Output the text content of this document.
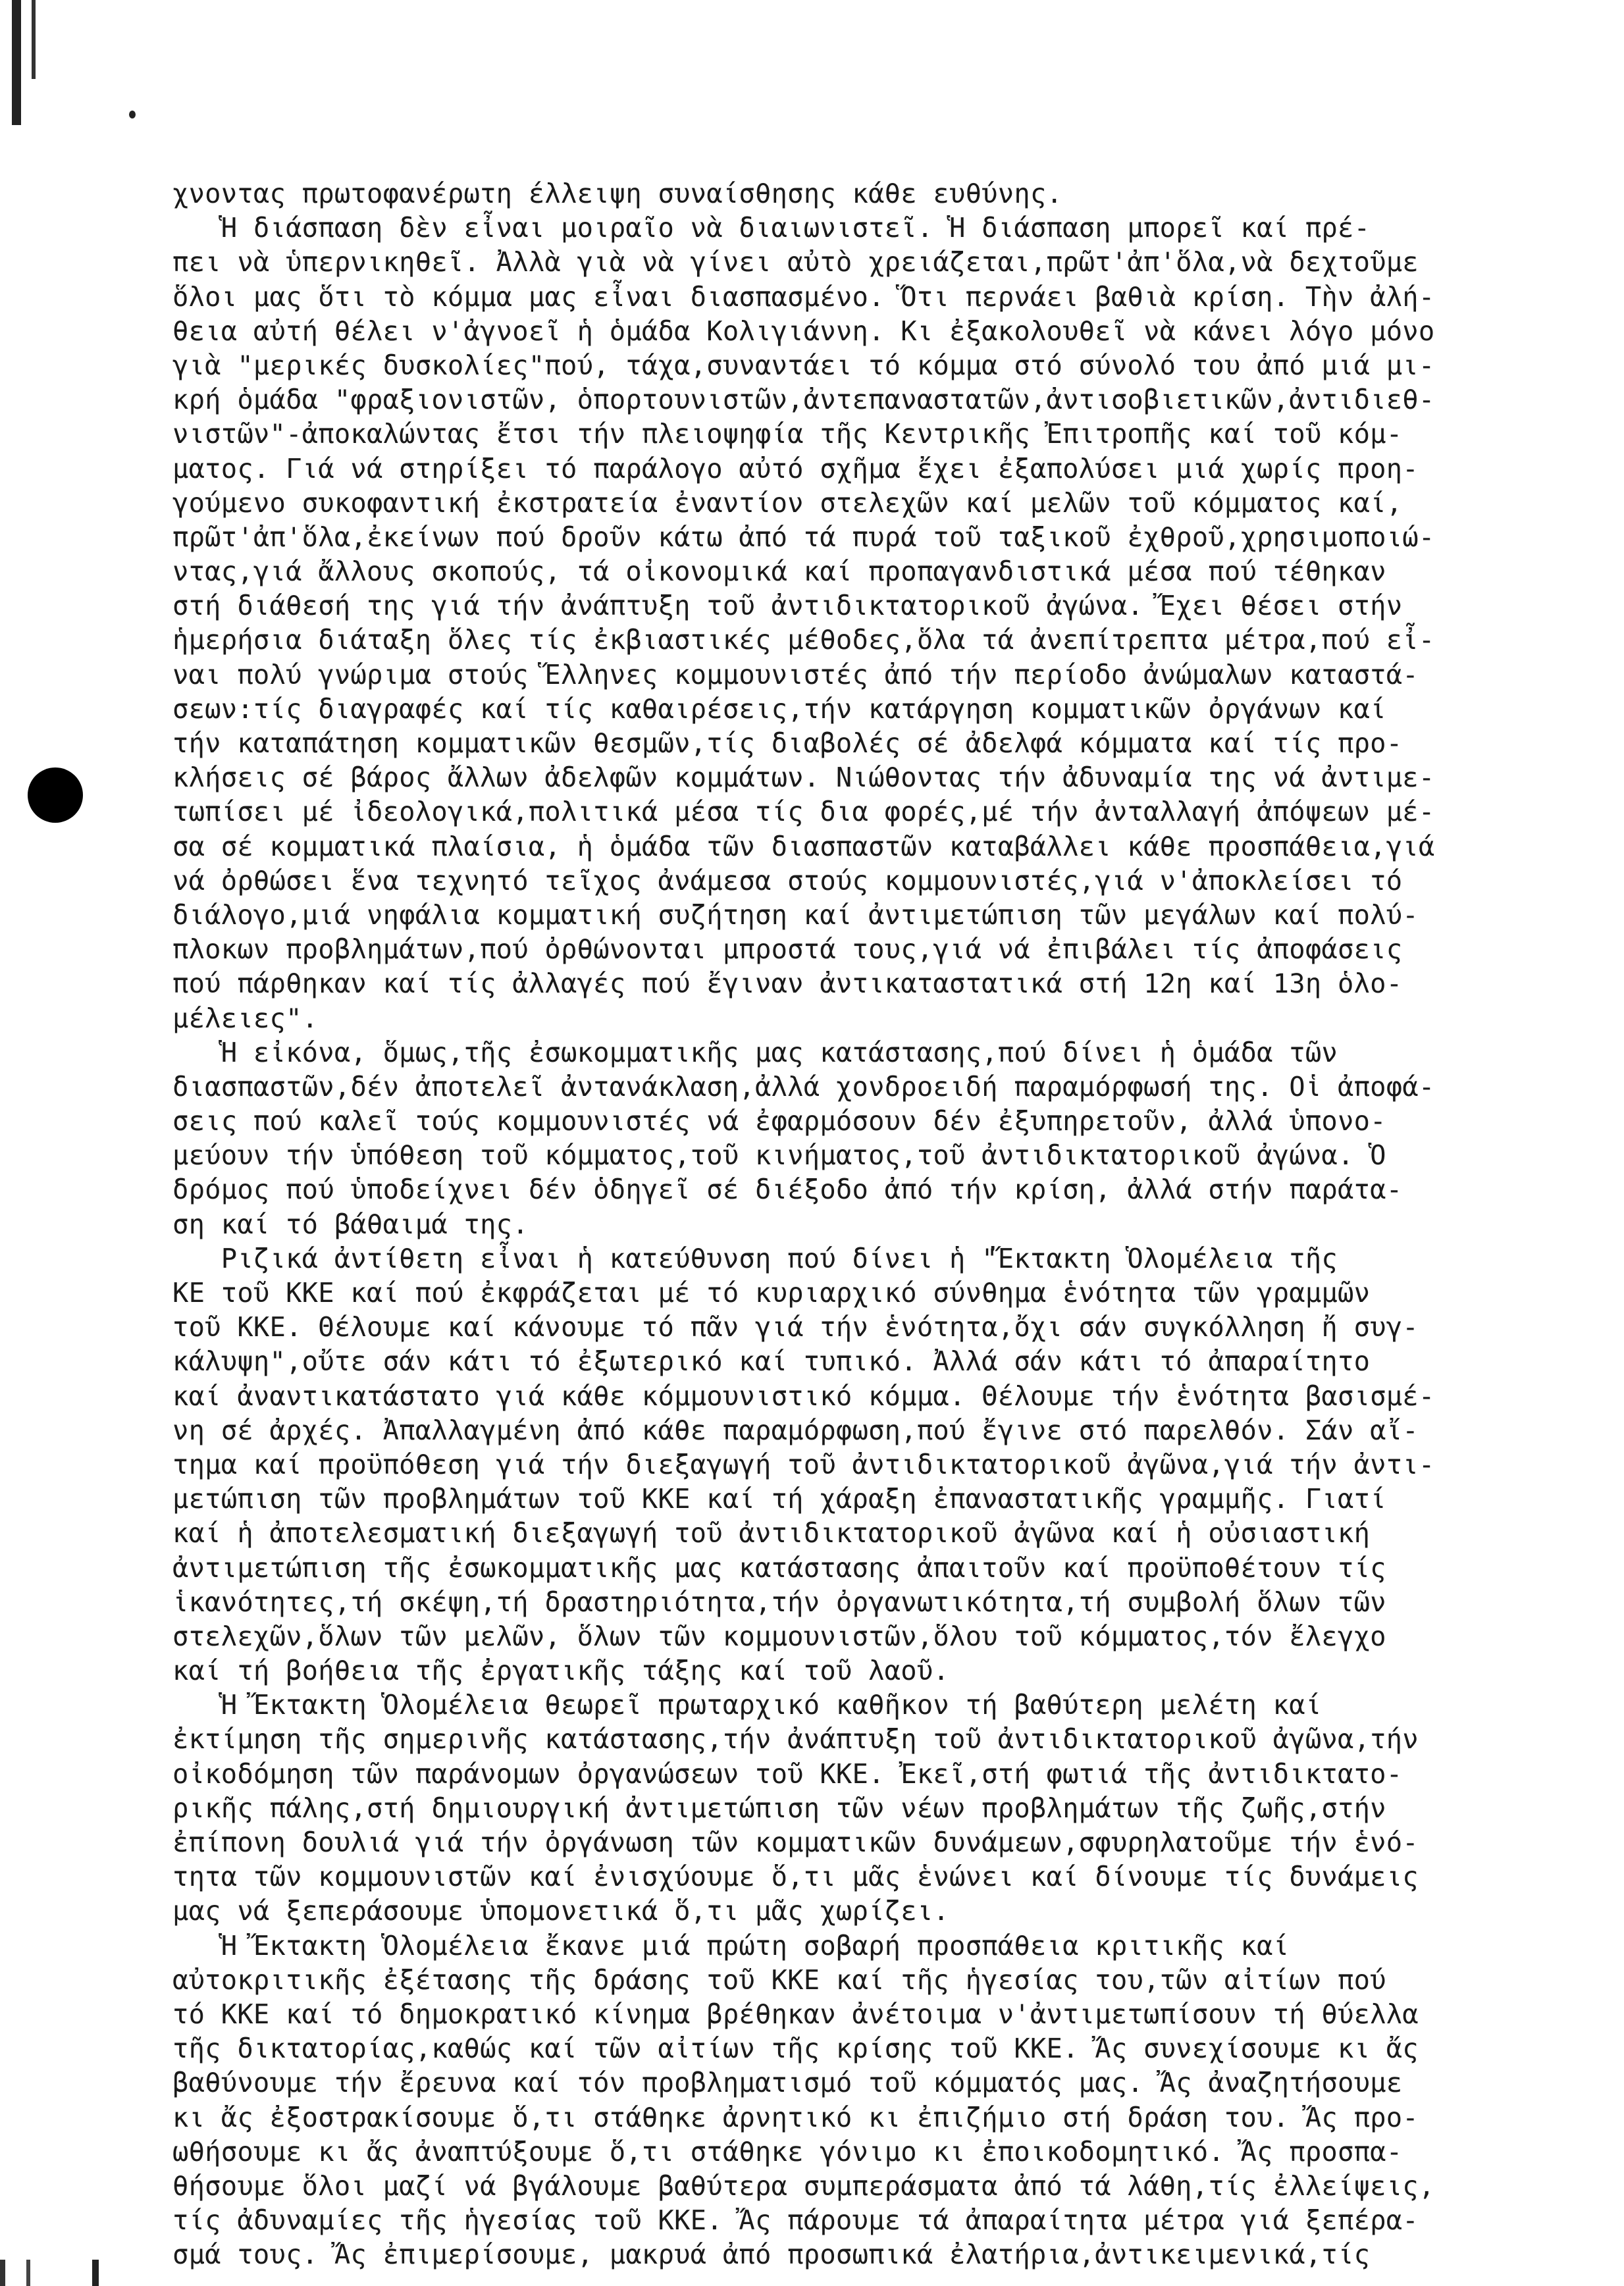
χνοντας πρωτοφανέρωτη έλλειψη συναίσθησης κάθε ευθύνης.
Ἡ διάσπαση δὲν εἶναι μοιραῖο νὰ διαιωνιστεῖ. Ἡ διάσπαση μπορεῖ καί πρέ-
πει νὰ ὑπερνικηθεῖ. Ἀλλὰ γιὰ νὰ γίνει αὐτὸ χρειάζεται,πρῶτ'ἀπ'ὅλα,νὰ δεχτοῦμε
ὅλοι μας ὅτι τὸ κόμμα μας εἶναι διασπασμένο. Ὅτι περνάει βαθιὰ κρίση. Τὴν ἀλή-
θεια αὐτή θέλει ν'ἀγνοεῖ ἡ ὁμάδα Κολιγιάννη. Κι ἐξακολουθεῖ νὰ κάνει λόγο μόνο
γιὰ "μερικές δυσκολίες"πού, τάχα,συναντάει τό κόμμα στό σύνολό του ἀπό μιά μι-
κρή ὁμάδα "φραξιονιστῶν, ὁπορτουνιστῶν,ἀντεπαναστατῶν,ἀντισοβιετικῶν,ἀντιδιεθ-
νιστῶν"-ἀποκαλώντας ἔτσι τήν πλειοψηφία τῆς Κεντρικῆς Ἐπιτροπῆς καί τοῦ κόμ-
ματος. Γιά νά στηρίξει τό παράλογο αὐτό σχῆμα ἔχει ἐξαπολύσει μιά χωρίς προη-
γούμενο συκοφαντική ἐκστρατεία ἐναντίον στελεχῶν καί μελῶν τοῦ κόμματος καί,
πρῶτ'ἀπ'ὅλα,ἐκείνων πού δροῦν κάτω ἀπό τά πυρά τοῦ ταξικοῦ ἐχθροῦ,χρησιμοποιώ-
ντας,γιά ἄλλους σκοπούς, τά οἰκονομικά καί προπαγανδιστικά μέσα πού τέθηκαν
στή διάθεσή της γιά τήν ἀνάπτυξη τοῦ ἀντιδικτατορικοῦ ἀγώνα. Ἔχει θέσει στήν
ἡμερήσια διάταξη ὅλες τίς ἐκβιαστικές μέθοδες,ὅλα τά ἀνεπίτρεπτα μέτρα,πού εἶ-
ναι πολύ γνώριμα στούς Ἕλληνες κομμουνιστές ἀπό τήν περίοδο ἀνώμαλων καταστά-
σεων:τίς διαγραφές καί τίς καθαιρέσεις,τήν κατάργηση κομματικῶν ὀργάνων καί
τήν καταπάτηση κομματικῶν θεσμῶν,τίς διαβολές σέ ἀδελφά κόμματα καί τίς προ-
κλήσεις σέ βάρος ἄλλων ἀδελφῶν κομμάτων. Νιώθοντας τήν ἀδυναμία της νά ἀντιμε-
τωπίσει μέ ἰδεολογικά,πολιτικά μέσα τίς δια φορές,μέ τήν ἀνταλλαγή ἀπόψεων μέ-
σα σέ κομματικά πλαίσια, ἡ ὁμάδα τῶν διασπαστῶν καταβάλλει κάθε προσπάθεια,γιά
νά ὀρθώσει ἕνα τεχνητό τεῖχος ἀνάμεσα στούς κομμουνιστές,γιά ν'ἀποκλείσει τό
διάλογο,μιά νηφάλια κομματική συζήτηση καί ἀντιμετώπιση τῶν μεγάλων καί πολύ-
πλοκων προβλημάτων,πού ὀρθώνονται μπροστά τους,γιά νά ἐπιβάλει τίς ἀποφάσεις
πού πάρθηκαν καί τίς ἀλλαγές πού ἔγιναν ἀντικαταστατικά στή 12η καί 13η ὁλο-
μέλειες".
Ἡ εἰκόνα, ὅμως,τῆς ἐσωκομματικῆς μας κατάστασης,πού δίνει ἡ ὁμάδα τῶν
διασπαστῶν,δέν ἀποτελεῖ ἀντανάκλαση,ἀλλά χονδροειδή παραμόρφωσή της. Οἱ ἀποφά-
σεις πού καλεῖ τούς κομμουνιστές νά ἐφαρμόσουν δέν ἐξυπηρετοῦν, ἀλλά ὑπονο-
μεύουν τήν ὑπόθεση τοῦ κόμματος,τοῦ κινήματος,τοῦ ἀντιδικτατορικοῦ ἀγώνα. Ὁ
δρόμος πού ὑποδείχνει δέν ὁδηγεῖ σέ διέξοδο ἀπό τήν κρίση, ἀλλά στήν παράτα-
ση καί τό βάθαιμά της.
Ριζικά ἀντίθετη εἶναι ἡ κατεύθυνση πού δίνει ἡ "Ἔκτακτη Ὁλομέλεια τῆς
ΚΕ τοῦ ΚΚΕ καί πού ἐκφράζεται μέ τό κυριαρχικό σύνθημα ἑνότητα τῶν γραμμῶν
τοῦ ΚΚΕ. Θέλουμε καί κάνουμε τό πᾶν γιά τήν ἑνότητα,ὄχι σάν συγκόλληση ἤ συγ-
κάλυψη",οὔτε σάν κάτι τό ἐξωτερικό καί τυπικό. Ἀλλά σάν κάτι τό ἀπαραίτητο
καί ἀναντικατάστατο γιά κάθε κόμμουνιστικό κόμμα. Θέλουμε τήν ἑνότητα βασισμέ-
νη σέ ἀρχές. Ἀπαλλαγμένη ἀπό κάθε παραμόρφωση,πού ἔγινε στό παρελθόν. Σάν αἴ-
τημα καί προϋπόθεση γιά τήν διεξαγωγή τοῦ ἀντιδικτατορικοῦ ἀγῶνα,γιά τήν ἀντι-
μετώπιση τῶν προβλημάτων τοῦ ΚΚΕ καί τή χάραξη ἐπαναστατικῆς γραμμῆς. Γιατί
καί ἡ ἀποτελεσματική διεξαγωγή τοῦ ἀντιδικτατορικοῦ ἀγῶνα καί ἡ οὐσιαστική
ἀντιμετώπιση τῆς ἐσωκομματικῆς μας κατάστασης ἀπαιτοῦν καί προϋποθέτουν τίς
ἱκανότητες,τή σκέψη,τή δραστηριότητα,τήν ὀργανωτικότητα,τή συμβολή ὅλων τῶν
στελεχῶν,ὅλων τῶν μελῶν, ὅλων τῶν κομμουνιστῶν,ὅλου τοῦ κόμματος,τόν ἔλεγχο
καί τή βοήθεια τῆς ἐργατικῆς τάξης καί τοῦ λαοῦ.
Ἡ Ἔκτακτη Ὁλομέλεια θεωρεῖ πρωταρχικό καθῆκον τή βαθύτερη μελέτη καί
ἐκτίμηση τῆς σημερινῆς κατάστασης,τήν ἀνάπτυξη τοῦ ἀντιδικτατορικοῦ ἀγῶνα,τήν
οἰκοδόμηση τῶν παράνομων ὀργανώσεων τοῦ ΚΚΕ. Ἐκεῖ,στή φωτιά τῆς ἀντιδικτατο-
ρικῆς πάλης,στή δημιουργική ἀντιμετώπιση τῶν νέων προβλημάτων τῆς ζωῆς,στήν
ἐπίπονη δουλιά γιά τήν ὀργάνωση τῶν κομματικῶν δυνάμεων,σφυρηλατοῦμε τήν ἑνό-
τητα τῶν κομμουνιστῶν καί ἐνισχύουμε ὅ,τι μᾶς ἑνώνει καί δίνουμε τίς δυνάμεις
μας νά ξεπεράσουμε ὑπομονετικά ὅ,τι μᾶς χωρίζει.
Ἡ Ἔκτακτη Ὁλομέλεια ἔκανε μιά πρώτη σοβαρή προσπάθεια κριτικῆς καί
αὐτοκριτικῆς ἐξέτασης τῆς δράσης τοῦ ΚΚΕ καί τῆς ἡγεσίας του,τῶν αἰτίων πού
τό ΚΚΕ καί τό δημοκρατικό κίνημα βρέθηκαν ἀνέτοιμα ν'ἀντιμετωπίσουν τή θύελλα
τῆς δικτατορίας,καθώς καί τῶν αἰτίων τῆς κρίσης τοῦ ΚΚΕ. Ἄς συνεχίσουμε κι ἄς
βαθύνουμε τήν ἔρευνα καί τόν προβληματισμό τοῦ κόμματός μας. Ἄς ἀναζητήσουμε
κι ἄς ἐξοστρακίσουμε ὅ,τι στάθηκε ἀρνητικό κι ἐπιζήμιο στή δράση του. Ἄς προ-
ωθήσουμε κι ἄς ἀναπτύξουμε ὅ,τι στάθηκε γόνιμο κι ἐποικοδομητικό. Ἄς προσπα-
θήσουμε ὅλοι μαζί νά βγάλουμε βαθύτερα συμπεράσματα ἀπό τά λάθη,τίς ἐλλείψεις,
τίς ἀδυναμίες τῆς ἡγεσίας τοῦ ΚΚΕ. Ἄς πάρουμε τά ἀπαραίτητα μέτρα γιά ξεπέρα-
σμά τους. Ἄς ἐπιμερίσουμε, μακρυά ἀπό προσωπικά ἐλατήρια,ἀντικειμενικά,τίς
